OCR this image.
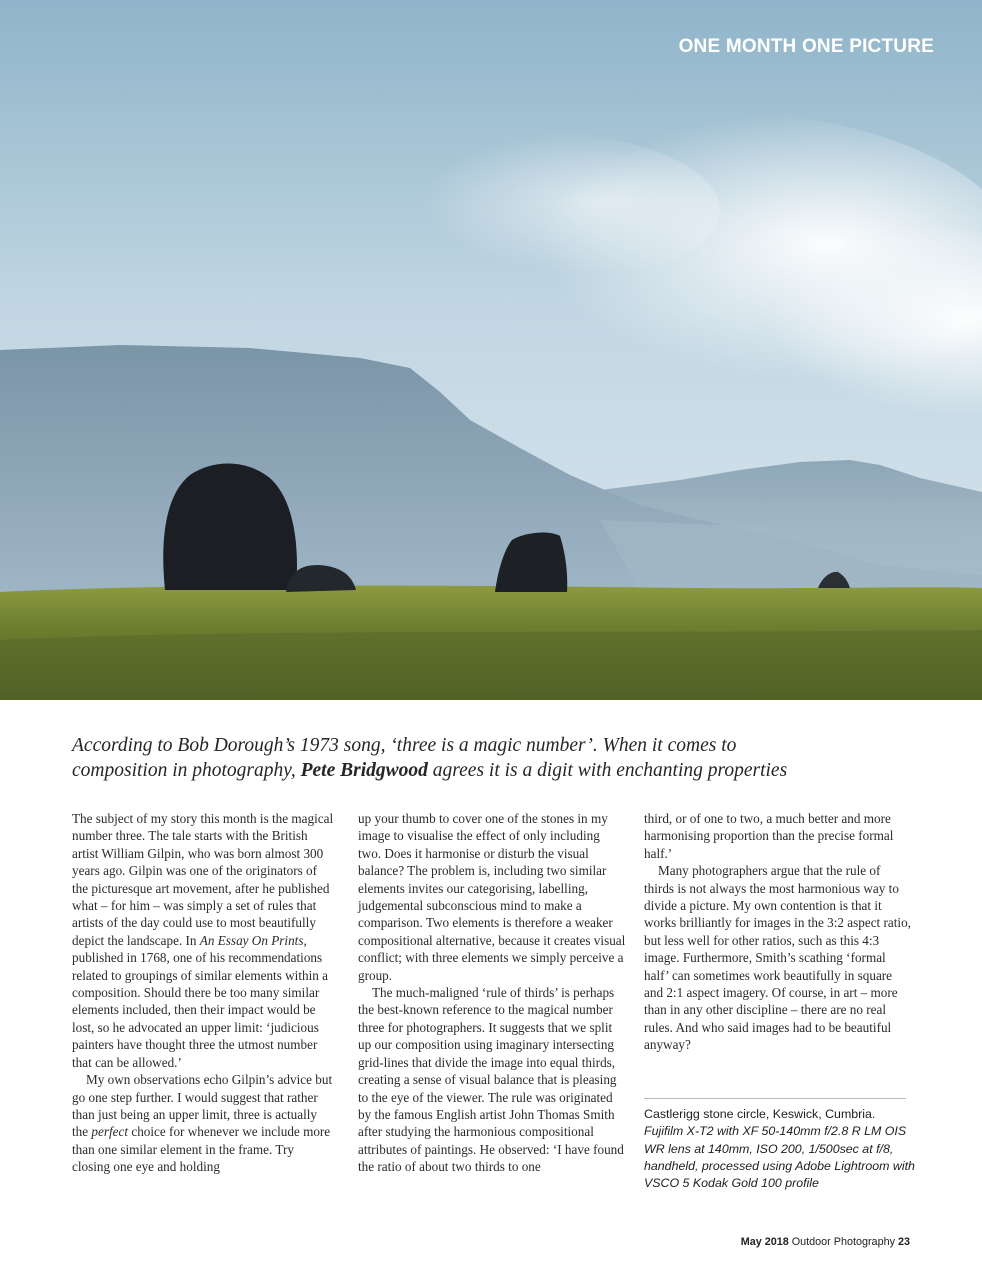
ONE MONTH ONE PICTURE
According to Bob Dorough’s 1973 song, ‘three is a magic number’. When it comes to
composition in photography, Pete Bridgwood agrees it is a digit with enchanting properties

The subject of my story this month is the magical number three. The tale starts with the British artist William Gilpin, who was born almost 300 years ago. Gilpin was one of the originators of the picturesque art movement, after he published what – for him – was simply a set of rules that artists of the day could use to most beautifully depict the landscape. In An Essay On Prints, published in 1768, one of his recommendations related to groupings of similar elements within a composition. Should there be too many similar elements included, then their impact would be lost, so he advocated an upper limit: ‘judicious painters have thought three the utmost number that can be allowed.’

My own observations echo Gilpin’s advice but go one step further. I would suggest that rather than just being an upper limit, three is actually the perfect choice for whenever we include more than one similar element in the frame. Try closing one eye and holding

up your thumb to cover one of the stones in my image to visualise the effect of only including two. Does it harmonise or disturb the visual balance? The problem is, including two similar elements invites our categorising, labelling, judgemental subconscious mind to make a comparison. Two elements is therefore a weaker compositional alternative, because it creates visual conflict; with three elements we simply perceive a group.

The much-maligned ‘rule of thirds’ is perhaps the best-known reference to the magical number three for photographers. It suggests that we split up our composition using imaginary intersecting grid-lines that divide the image into equal thirds, creating a sense of visual balance that is pleasing to the eye of the viewer. The rule was originated by the famous English artist John Thomas Smith after studying the harmonious compositional attributes of paintings. He observed: ‘I have found the ratio of about two thirds to one

third, or of one to two, a much better and more harmonising proportion than the precise formal half.’

Many photographers argue that the rule of thirds is not always the most harmonious way to divide a picture. My own contention is that it works brilliantly for images in the 3:2 aspect ratio, but less well for other ratios, such as this 4:3 image. Furthermore, Smith’s scathing ‘formal half’ can sometimes work beautifully in square and 2:1 aspect imagery. Of course, in art – more than in any other discipline – there are no real rules. And who said images had to be beautiful anyway?

Castlerigg stone circle, Keswick, Cumbria.
Fujifilm X-T2 with XF 50-140mm f/2.8 R LM OIS WR lens at 140mm, ISO 200, 1/500sec at f/8, handheld, processed using Adobe Lightroom with VSCO 5 Kodak Gold 100 profile
May 2018 Outdoor Photography 23
